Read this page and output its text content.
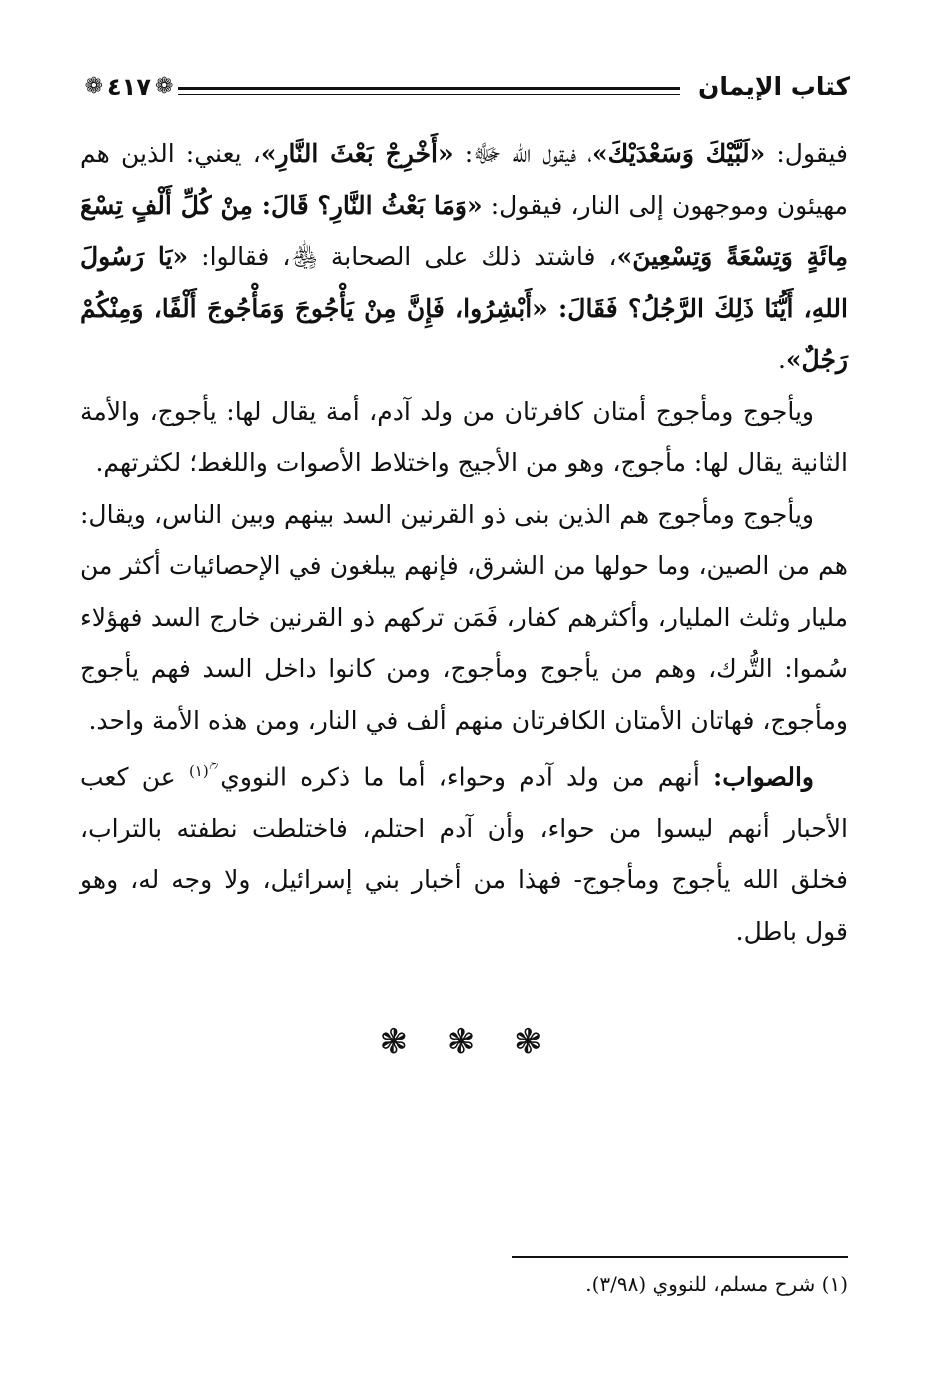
كتاب الإيمان
❁ ٤١٧ ❁

فيقول: «لَبَّيْكَ وَسَعْدَيْكَ»، فيقول الله ﷻ: «أَخْرِجْ بَعْثَ النَّارِ»، يعني: الذين هم مهيئون وموجهون إلى النار، فيقول: «وَمَا بَعْثُ النَّارِ؟ قَالَ: مِنْ كُلِّ أَلْفٍ تِسْعَ مِائَةٍ وَتِسْعَةً وَتِسْعِينَ»، فاشتد ذلك على الصحابة ﵃، فقالوا: «يَا رَسُولَ اللهِ، أَيُّنَا ذَلِكَ الرَّجُلُ؟ فَقَالَ: «أَبْشِرُوا، فَإِنَّ مِنْ يَأْجُوجَ وَمَأْجُوجَ أَلْفًا، وَمِنْكُمْ رَجُلٌ».

ويأجوج ومأجوج أمتان كافرتان من ولد آدم، أمة يقال لها: يأجوج، والأمة الثانية يقال لها: مأجوج، وهو من الأجيج واختلاط الأصوات واللغط؛ لكثرتهم.

ويأجوج ومأجوج هم الذين بنى ذو القرنين السد بينهم وبين الناس، ويقال: هم من الصين، وما حولها من الشرق، فإنهم يبلغون في الإحصائيات أكثر من مليار وثلث المليار، وأكثرهم كفار، فَمَن تركهم ذو القرنين خارج السد فهؤلاء سُموا: التُّرك، وهم من يأجوج ومأجوج، ومن كانوا داخل السد فهم يأجوج ومأجوج، فهاتان الأمتان الكافرتان منهم ألف في النار، ومن هذه الأمة واحد.

والصواب: أنهم من ولد آدم وحواء، أما ما ذكره النووي ؒ$^{(١)}$ عن كعب الأحبار أنهم ليسوا من حواء، وأن آدم احتلم، فاختلطت نطفته بالتراب، فخلق الله يأجوج ومأجوج- فهذا من أخبار بني إسرائيل، ولا وجه له، وهو قول باطل.

❃ ❃ ❃
(١) شرح مسلم، للنووي (٣/٩٨).
